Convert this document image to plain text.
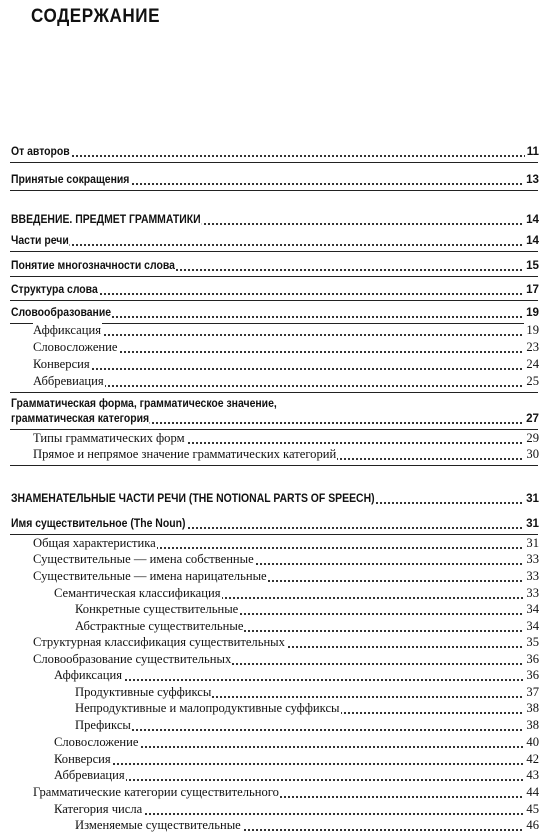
СОДЕРЖАНИЕ
От авторов	11
Принятые сокращения	13
ВВЕДЕНИЕ. ПРЕДМЕТ ГРАММАТИКИ	14
Части речи	14
Понятие многозначности слова	15
Структура слова	17
Словообразование	19
Аффиксация	19
Словосложение	23
Конверсия	24
Аббревиация	25
Грамматическая форма, грамматическое значение,
грамматическая категория	27
Типы грамматических форм	29
Прямое и непрямое значение грамматических категорий	30
ЗНАМЕНАТЕЛЬНЫЕ ЧАСТИ РЕЧИ (THE NOTIONAL PARTS OF SPEECH)	31
Имя существительное (The Noun)	31
Общая характеристика	31
Существительные — имена собственные	33
Существительные — имена нарицательные	33
Семантическая классификация	33
Конкретные существительные	34
Абстрактные существительные	34
Структурная классификация существительных	35
Словообразование существительных	36
Аффиксация	36
Продуктивные суффиксы	37
Непродуктивные и малопродуктивные суффиксы	38
Префиксы	38
Словосложение	40
Конверсия	42
Аббревиация	43
Грамматические категории существительного	44
Категория числа	45
Изменяемые существительные	46
